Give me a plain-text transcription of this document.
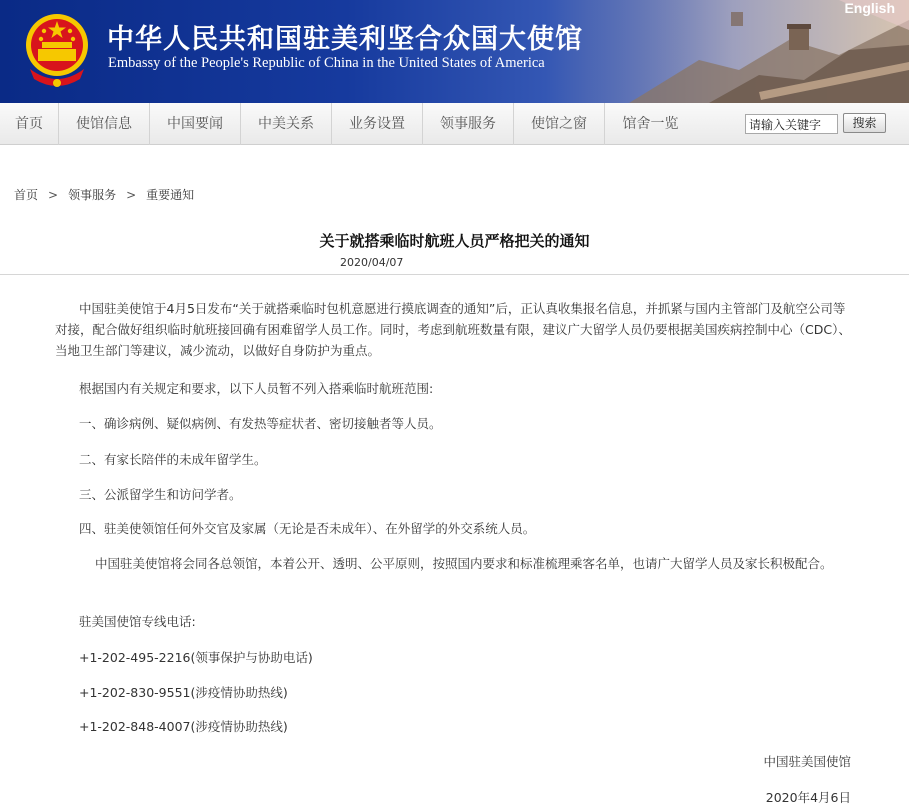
中华人民共和国驻美利坚合众国大使馆
Embassy of the People's Republic of China in the United States of America
English
首页	使馆信息	中国要闻	中美关系	业务设置	领事服务	使馆之窗	馆舍一览
请输入关键字	搜索
首页 > 领事服务 > 重要通知
关于就搭乘临时航班人员严格把关的通知
2020/04/07

中国驻美使馆于4月5日发布“关于就搭乘临时包机意愿进行摸底调查的通知”后，正认真收集报名信息，并抓紧与国内主管部门及航空公司等对接，配合做好组织临时航班接回确有困难留学人员工作。同时，考虑到航班数量有限，建议广大留学人员仍要根据美国疾病控制中心（CDC）、当地卫生部门等建议，减少流动，以做好自身防护为重点。

根据国内有关规定和要求，以下人员暂不列入搭乘临时航班范围:

一、确诊病例、疑似病例、有发热等症状者、密切接触者等人员。

二、有家长陪伴的未成年留学生。

三、公派留学生和访问学者。

四、驻美使领馆任何外交官及家属（无论是否未成年）、在外留学的外交系统人员。

中国驻美使馆将会同各总领馆，本着公开、透明、公平原则，按照国内要求和标准梳理乘客名单，也请广大留学人员及家长积极配合。

驻美国使馆专线电话:

+1-202-495-2216(领事保护与协助电话)

+1-202-830-9551(涉疫情协助热线)

+1-202-848-4007(涉疫情协助热线)

中国驻美国使馆

2020年4月6日
